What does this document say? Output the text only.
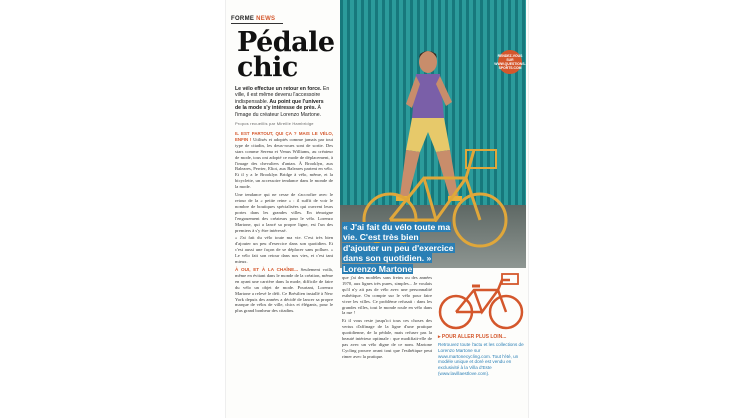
FORME NEWS
Pédale
chic
Le vélo effectue un retour en force. En ville, il est même devenu l'accessoire indispensable. Au point que l'univers de la mode s'y intéresse de près. À l'image du créateur Lorenzo Martone.
Propos recueillis par Mireille Hambridge

IL EST PARTOUT, QUI ÇA ? MAIS LE VÉLO, ENFIN ! Utilisés et adoptés comme jamais par tout type de citadin, les deux-roues sont de sortie. Des stars comme Serena et Venus Williams, au créateur de mode, tous ont adopté ce mode de déplacement, à l'image des chevaliers d'antan. À Brooklyn, aux Baleares, Perrier, Eliot, aux Baleares partent en vélo. Et il y a le Brooklyn Bridge à vélo, même, et la bicyclette, un accessoire tendance dans le monde de la mode.

Une tendance qui ne cesse de s'accroître avec le retour de la « petite reine » : il suffit de voir le nombre de boutiques spécialisées qui ouvrent leurs portes dans les grandes villes. En témoigne l'engouement des créateurs pour le vélo. Lorenzo Martone, qui a lancé sa propre ligne, est l'un des premiers à s'y être intéressé.

« J'ai fait du vélo toute ma vie. C'est très bien d'ajouter un peu d'exercice dans son quotidien. Et c'est aussi une façon de se déplacer sans polluer. » Le vélo fait son retour dans nos vies, et c'est tant mieux.

À OUI, ET À LA CHAÎNE... Seulement voilà, même en évitant dans le monde de la création, même en ayant une carrière dans la mode, difficile de faire du vélo un objet de mode. Pourtant, Lorenzo Martone a relevé le défi. Ce Brésilien installé à New York depuis des années a décidé de lancer sa propre marque de vélos de ville, chics et élégants, pour le plus grand bonheur des citadins.

RENDEZ-VOUS SUR WWW.QUESTIONS-SPORTS.COM
« J'ai fait du vélo toute ma vie. C'est très bien d'ajouter un peu d'exercice dans son quotidien. » Lorenzo Martone

que j'ai des modèles sans freins ou des années 1970, aux lignes très pures, simples... Je voulais qu'il n'y ait pas de vélo avec une personnalité esthétique. On compte sur le vélo pour faire vivre les villes. Ce problème refusait : dans les grandes villes, tout le monde roule en vélo dans la rue !

Et il vous reste jusqu'ici tous ces choses des vertus d'affinage de la ligne d'une pratique quotidienne, de la pédale, mais refuser pas la beauté intérieur optimale : que modifiait-elle de pas avec un vélo digne de ce nom. Martone Cycling prouve avant tout que l'esthétique peut rimer avec la pratique.

▸ POUR ALLER PLUS LOIN...
Retrouvez toute l'actu et les collections de Lorenzo Martone sur www.martonecycling.com. Tout l'été, un modèle unique et doré est vendu en exclusivité à la Villa d'Este (www.lavillaestlove.com).
